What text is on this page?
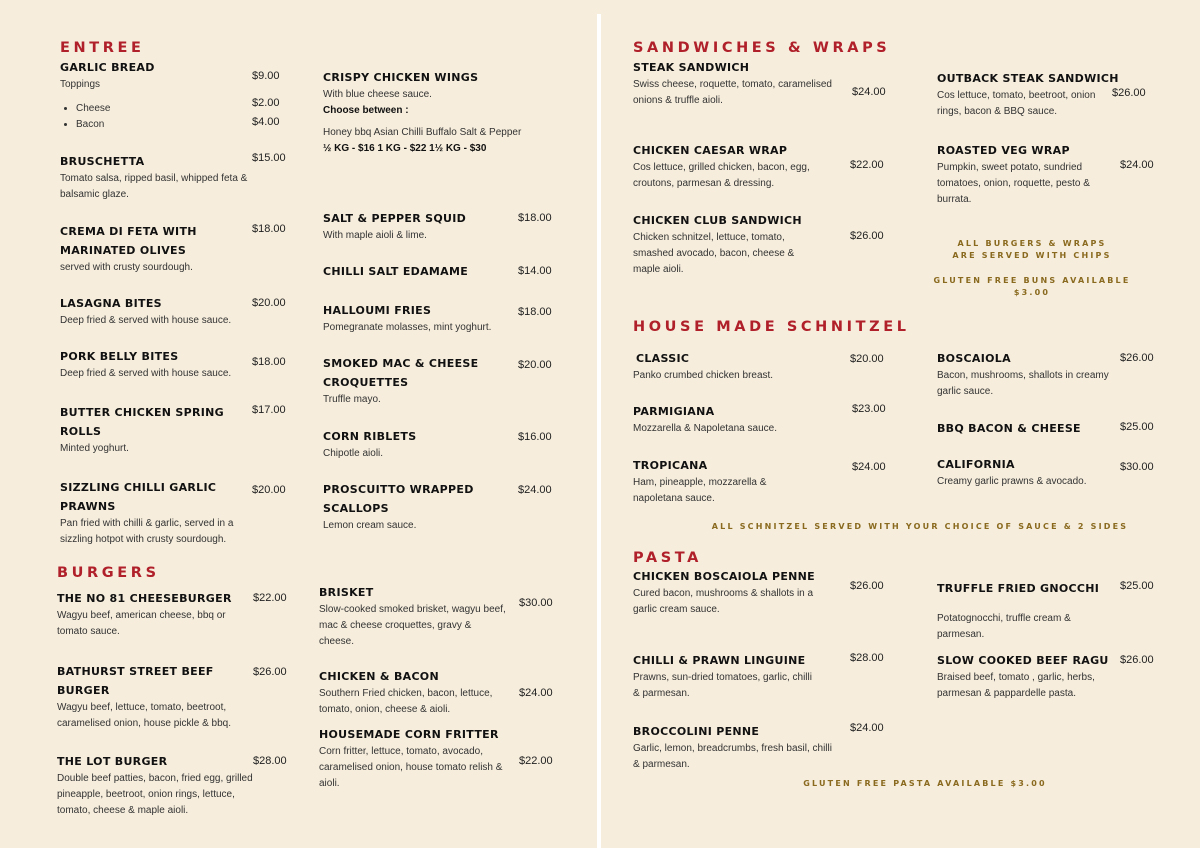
ENTREE
GARLIC BREAD
Toppings
• Cheese
• Bacon
$9.00
$2.00
$4.00
BRUSCHETTA
Tomato salsa, ripped basil, whipped feta & balsamic glaze.
$15.00
CREMA DI FETA WITH MARINATED OLIVES
served with crusty sourdough.
$18.00
LASAGNA BITES
Deep fried & served with house sauce.
$20.00
PORK BELLY BITES
Deep fried & served with house sauce.
$18.00
BUTTER CHICKEN SPRING ROLLS
Minted yoghurt.
$17.00
SIZZLING CHILLI GARLIC PRAWNS
Pan fried with chilli & garlic, served in a sizzling hotpot with crusty sourdough.
$20.00
CRISPY CHICKEN WINGS
With blue cheese sauce.
Choose between :
Honey bbq Asian Chilli Buffalo Salt & Pepper
½ KG - $16 1 KG - $22 1½ KG - $30
SALT & PEPPER SQUID
With maple aioli & lime.
$18.00
CHILLI SALT EDAMAME	$14.00
HALLOUMI FRIES
Pomegranate molasses, mint yoghurt.
$18.00
SMOKED MAC & CHEESE CROQUETTES
Truffle mayo.
$20.00
CORN RIBLETS
Chipotle aioli.
$16.00
PROSCUITTO WRAPPED SCALLOPS
Lemon cream sauce.
$24.00
BURGERS
THE NO 81 CHEESEBURGER
Wagyu beef, american cheese, bbq or tomato sauce.
$22.00
BATHURST STREET BEEF BURGER
Wagyu beef, lettuce, tomato, beetroot, caramelised onion, house pickle & bbq.
$26.00
THE LOT BURGER
Double beef patties, bacon, fried egg, grilled pineapple, beetroot, onion rings, lettuce, tomato, cheese & maple aioli.
$28.00
BRISKET
Slow-cooked smoked brisket, wagyu beef, mac & cheese croquettes, gravy & cheese.
$30.00
CHICKEN & BACON
Southern Fried chicken, bacon, lettuce, tomato, onion, cheese & aioli.
$24.00
HOUSEMADE CORN FRITTER
Corn fritter, lettuce, tomato, avocado, caramelised onion, house tomato relish & aioli.
$22.00
SANDWICHES & WRAPS
STEAK SANDWICH
Swiss cheese, roquette, tomato, caramelised onions & truffle aioli.
$24.00
CHICKEN CAESAR WRAP
Cos lettuce, grilled chicken, bacon, egg, croutons, parmesan & dressing.
$22.00
CHICKEN CLUB SANDWICH
Chicken schnitzel, lettuce, tomato, smashed avocado, bacon, cheese & maple aioli.
$26.00
OUTBACK STEAK SANDWICH
Cos lettuce, tomato, beetroot, onion rings, bacon & BBQ sauce.
$26.00
ROASTED VEG WRAP
Pumpkin, sweet potato, sundried tomatoes, onion, roquette, pesto & burrata.
$24.00
ALL BURGERS & WRAPS
ARE SERVED WITH CHIPS
GLUTEN FREE BUNS AVAILABLE
$3.00
HOUSE MADE SCHNITZEL
CLASSIC
Panko crumbed chicken breast.
$20.00
PARMIGIANA
Mozzarella & Napoletana sauce.
$23.00
TROPICANA
Ham, pineapple, mozzarella & napoletana sauce.
$24.00
BOSCAIOLA
Bacon, mushrooms, shallots in creamy garlic sauce.
$26.00
BBQ BACON & CHEESE	$25.00
CALIFORNIA
Creamy garlic prawns & avocado.
$30.00
ALL SCHNITZEL SERVED WITH YOUR CHOICE OF SAUCE & 2 SIDES
PASTA
CHICKEN BOSCAIOLA PENNE
Cured bacon, mushrooms & shallots in a garlic cream sauce.
$26.00
CHILLI & PRAWN LINGUINE
Prawns, sun-dried tomatoes, garlic, chilli & parmesan.
$28.00
BROCCOLINI PENNE
Garlic, lemon, breadcrumbs, fresh basil, chilli & parmesan.
$24.00
TRUFFLE FRIED GNOCCHI
Potatognocchi, truffle cream & parmesan.
$25.00
SLOW COOKED BEEF RAGU
Braised beef, tomato , garlic, herbs, parmesan & pappardelle pasta.
$26.00
GLUTEN FREE PASTA AVAILABLE $3.00
